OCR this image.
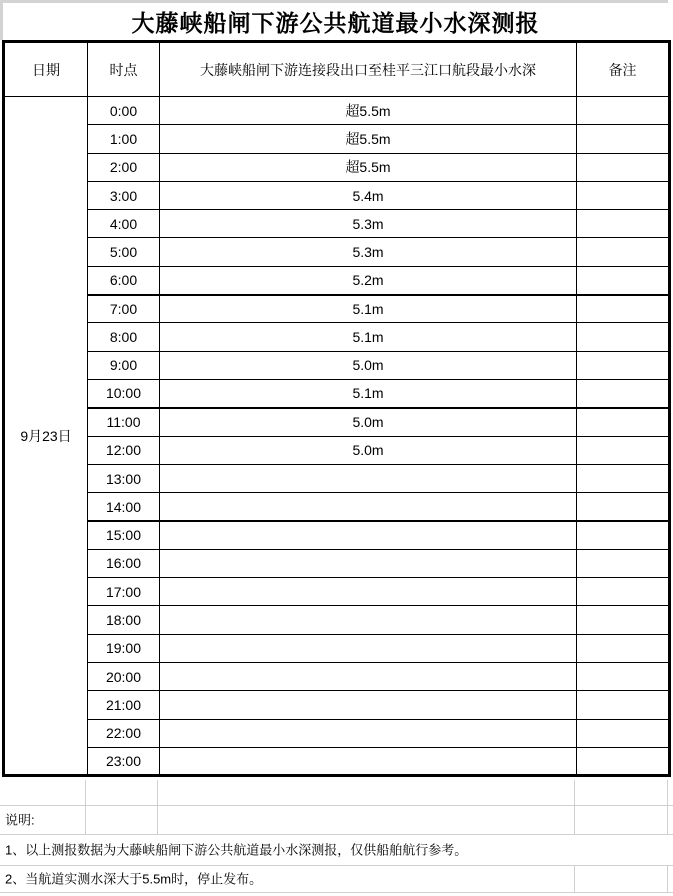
大藤峡船闸下游公共航道最小水深测报
日期	时点	大藤峡船闸下游连接段出口至桂平三江口航段最小水深	备注
9月23日	0:00	超5.5m	
	1:00	超5.5m	
	2:00	超5.5m	
	3:00	5.4m	
	4:00	5.3m	
	5:00	5.3m	
	6:00	5.2m	
	7:00	5.1m	
	8:00	5.1m	
	9:00	5.0m	
	10:00	5.1m	
	11:00	5.0m	
	12:00	5.0m	
	13:00		
	14:00		
	15:00		
	16:00		
	17:00		
	18:00		
	19:00		
	20:00		
	21:00		
	22:00		
	23:00		
说明:
1、以上测报数据为大藤峡船闸下游公共航道最小水深测报，仅供船舶航行参考。
2、当航道实测水深大于5.5m时，停止发布。
